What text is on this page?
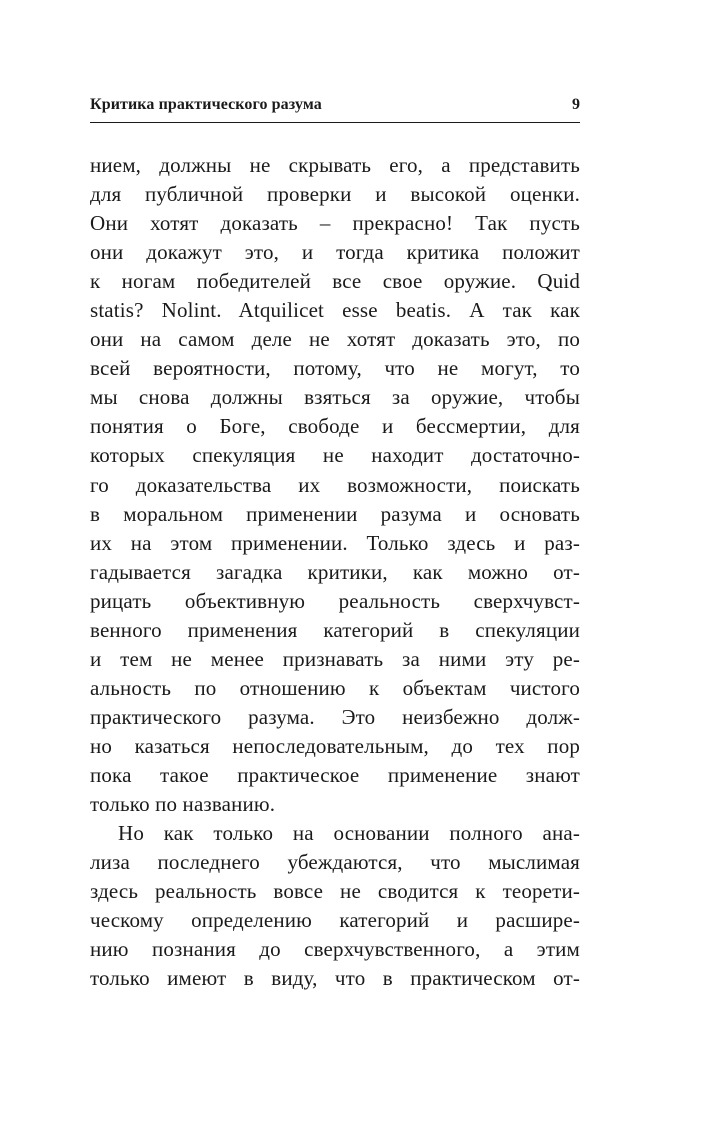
Критика практического разума	9
нием, должны не скрывать его, а представить
для публичной проверки и высокой оценки.
Они хотят доказать – прекрасно! Так пусть
они докажут это, и тогда критика положит
к ногам победителей все свое оружие. Quid
statis? Nolint. Atquilicet esse beatis. А так как
они на самом деле не хотят доказать это, по
всей вероятности, потому, что не могут, то
мы снова должны взяться за оружие, чтобы
понятия о Боге, свободе и бессмертии, для
которых спекуляция не находит достаточно-
го доказательства их возможности, поискать
в моральном применении разума и основать
их на этом применении. Только здесь и раз-
гадывается загадка критики, как можно от-
рицать объективную реальность сверхчувст-
венного применения категорий в спекуляции
и тем не менее признавать за ними эту ре-
альность по отношению к объектам чистого
практического разума. Это неизбежно долж-
но казаться непоследовательным, до тех пор
пока такое практическое применение знают
только по названию.
Но как только на основании полного ана-
лиза последнего убеждаются, что мыслимая
здесь реальность вовсе не сводится к теорети-
ческому определению категорий и расшире-
нию познания до сверхчувственного, а этим
только имеют в виду, что в практическом от-
